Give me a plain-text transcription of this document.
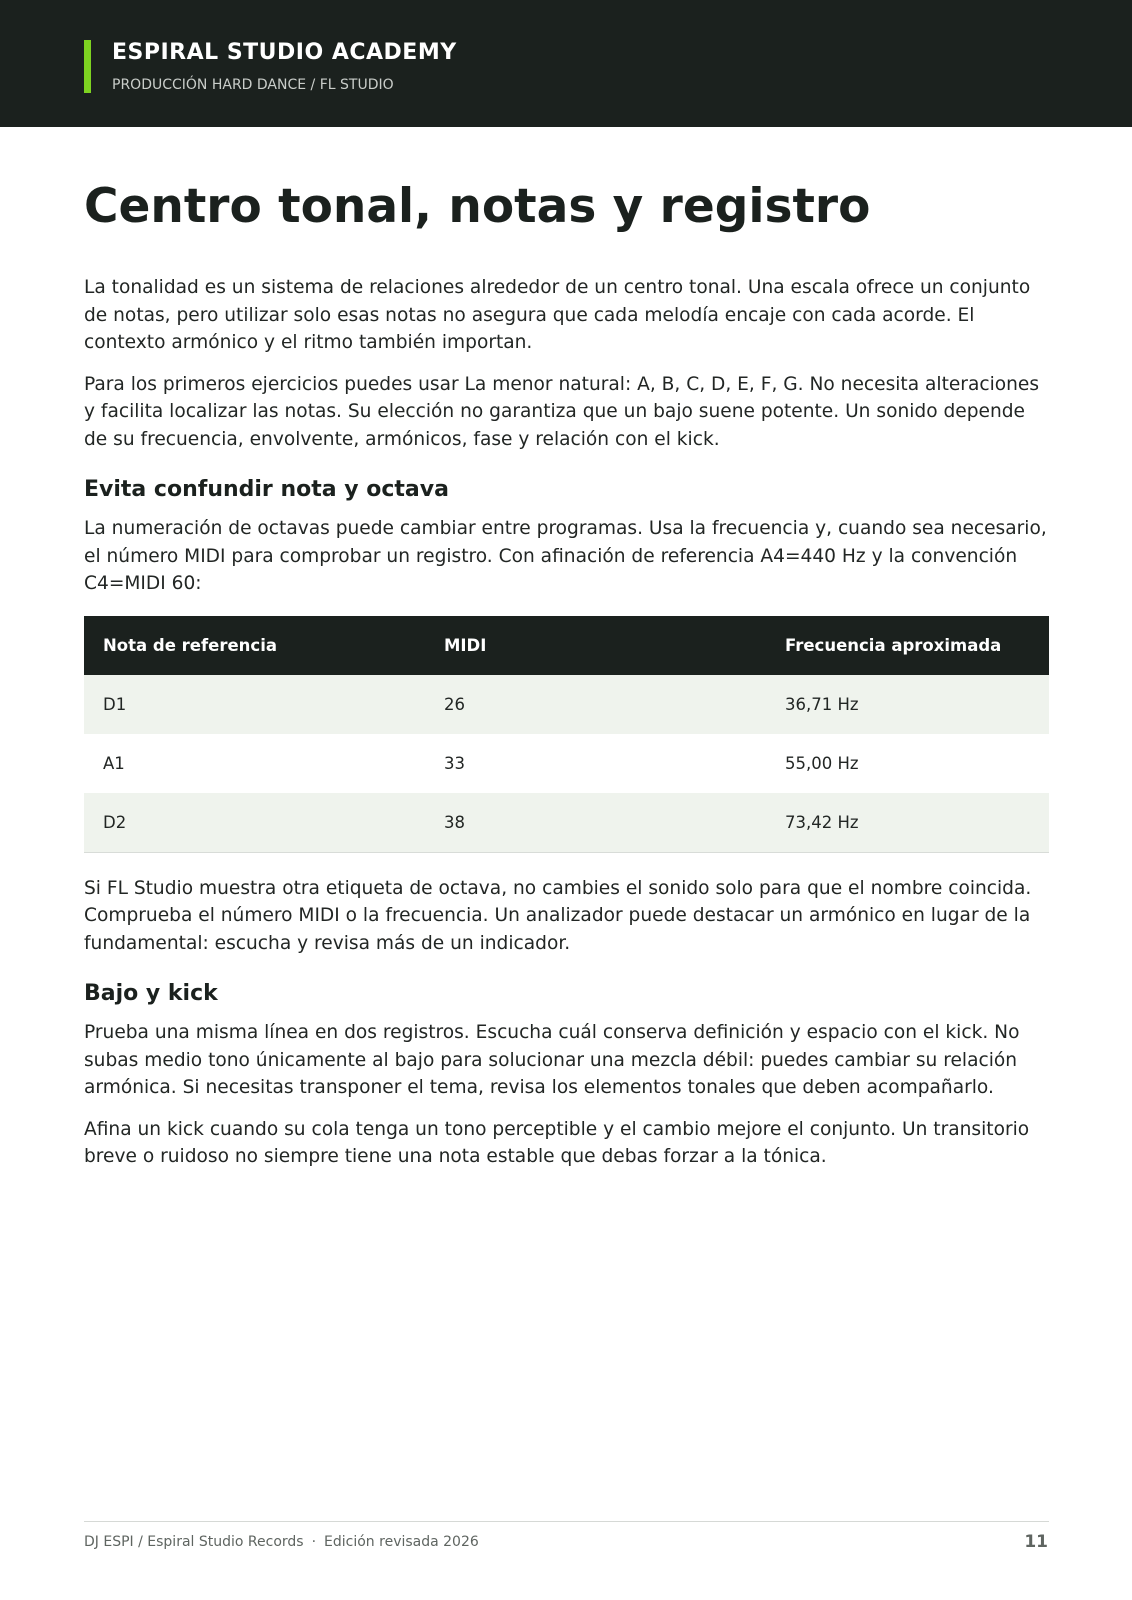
ESPIRAL STUDIO ACADEMY
PRODUCCIÓN HARD DANCE / FL STUDIO
Centro tonal, notas y registro

La tonalidad es un sistema de relaciones alrededor de un centro tonal. Una escala ofrece un conjunto de notas, pero utilizar solo esas notas no asegura que cada melodía encaje con cada acorde. El contexto armónico y el ritmo también importan.

Para los primeros ejercicios puedes usar La menor natural: A, B, C, D, E, F, G. No necesita alteraciones y facilita localizar las notas. Su elección no garantiza que un bajo suene potente. Un sonido depende de su frecuencia, envolvente, armónicos, fase y relación con el kick.

Evita confundir nota y octava

La numeración de octavas puede cambiar entre programas. Usa la frecuencia y, cuando sea necesario, el número MIDI para comprobar un registro. Con afinación de referencia A4=440 Hz y la convención C4=MIDI 60:

Nota de referencia	MIDI	Frecuencia aproximada
D1	26	36,71 Hz
A1	33	55,00 Hz
D2	38	73,42 Hz

Si FL Studio muestra otra etiqueta de octava, no cambies el sonido solo para que el nombre coincida. Comprueba el número MIDI o la frecuencia. Un analizador puede destacar un armónico en lugar de la fundamental: escucha y revisa más de un indicador.

Bajo y kick

Prueba una misma línea en dos registros. Escucha cuál conserva definición y espacio con el kick. No subas medio tono únicamente al bajo para solucionar una mezcla débil: puedes cambiar su relación armónica. Si necesitas transponer el tema, revisa los elementos tonales que deben acompañarlo.

Afina un kick cuando su cola tenga un tono perceptible y el cambio mejore el conjunto. Un transitorio breve o ruidoso no siempre tiene una nota estable que debas forzar a la tónica.

DJ ESPI / Espiral Studio Records · Edición revisada 2026	11
